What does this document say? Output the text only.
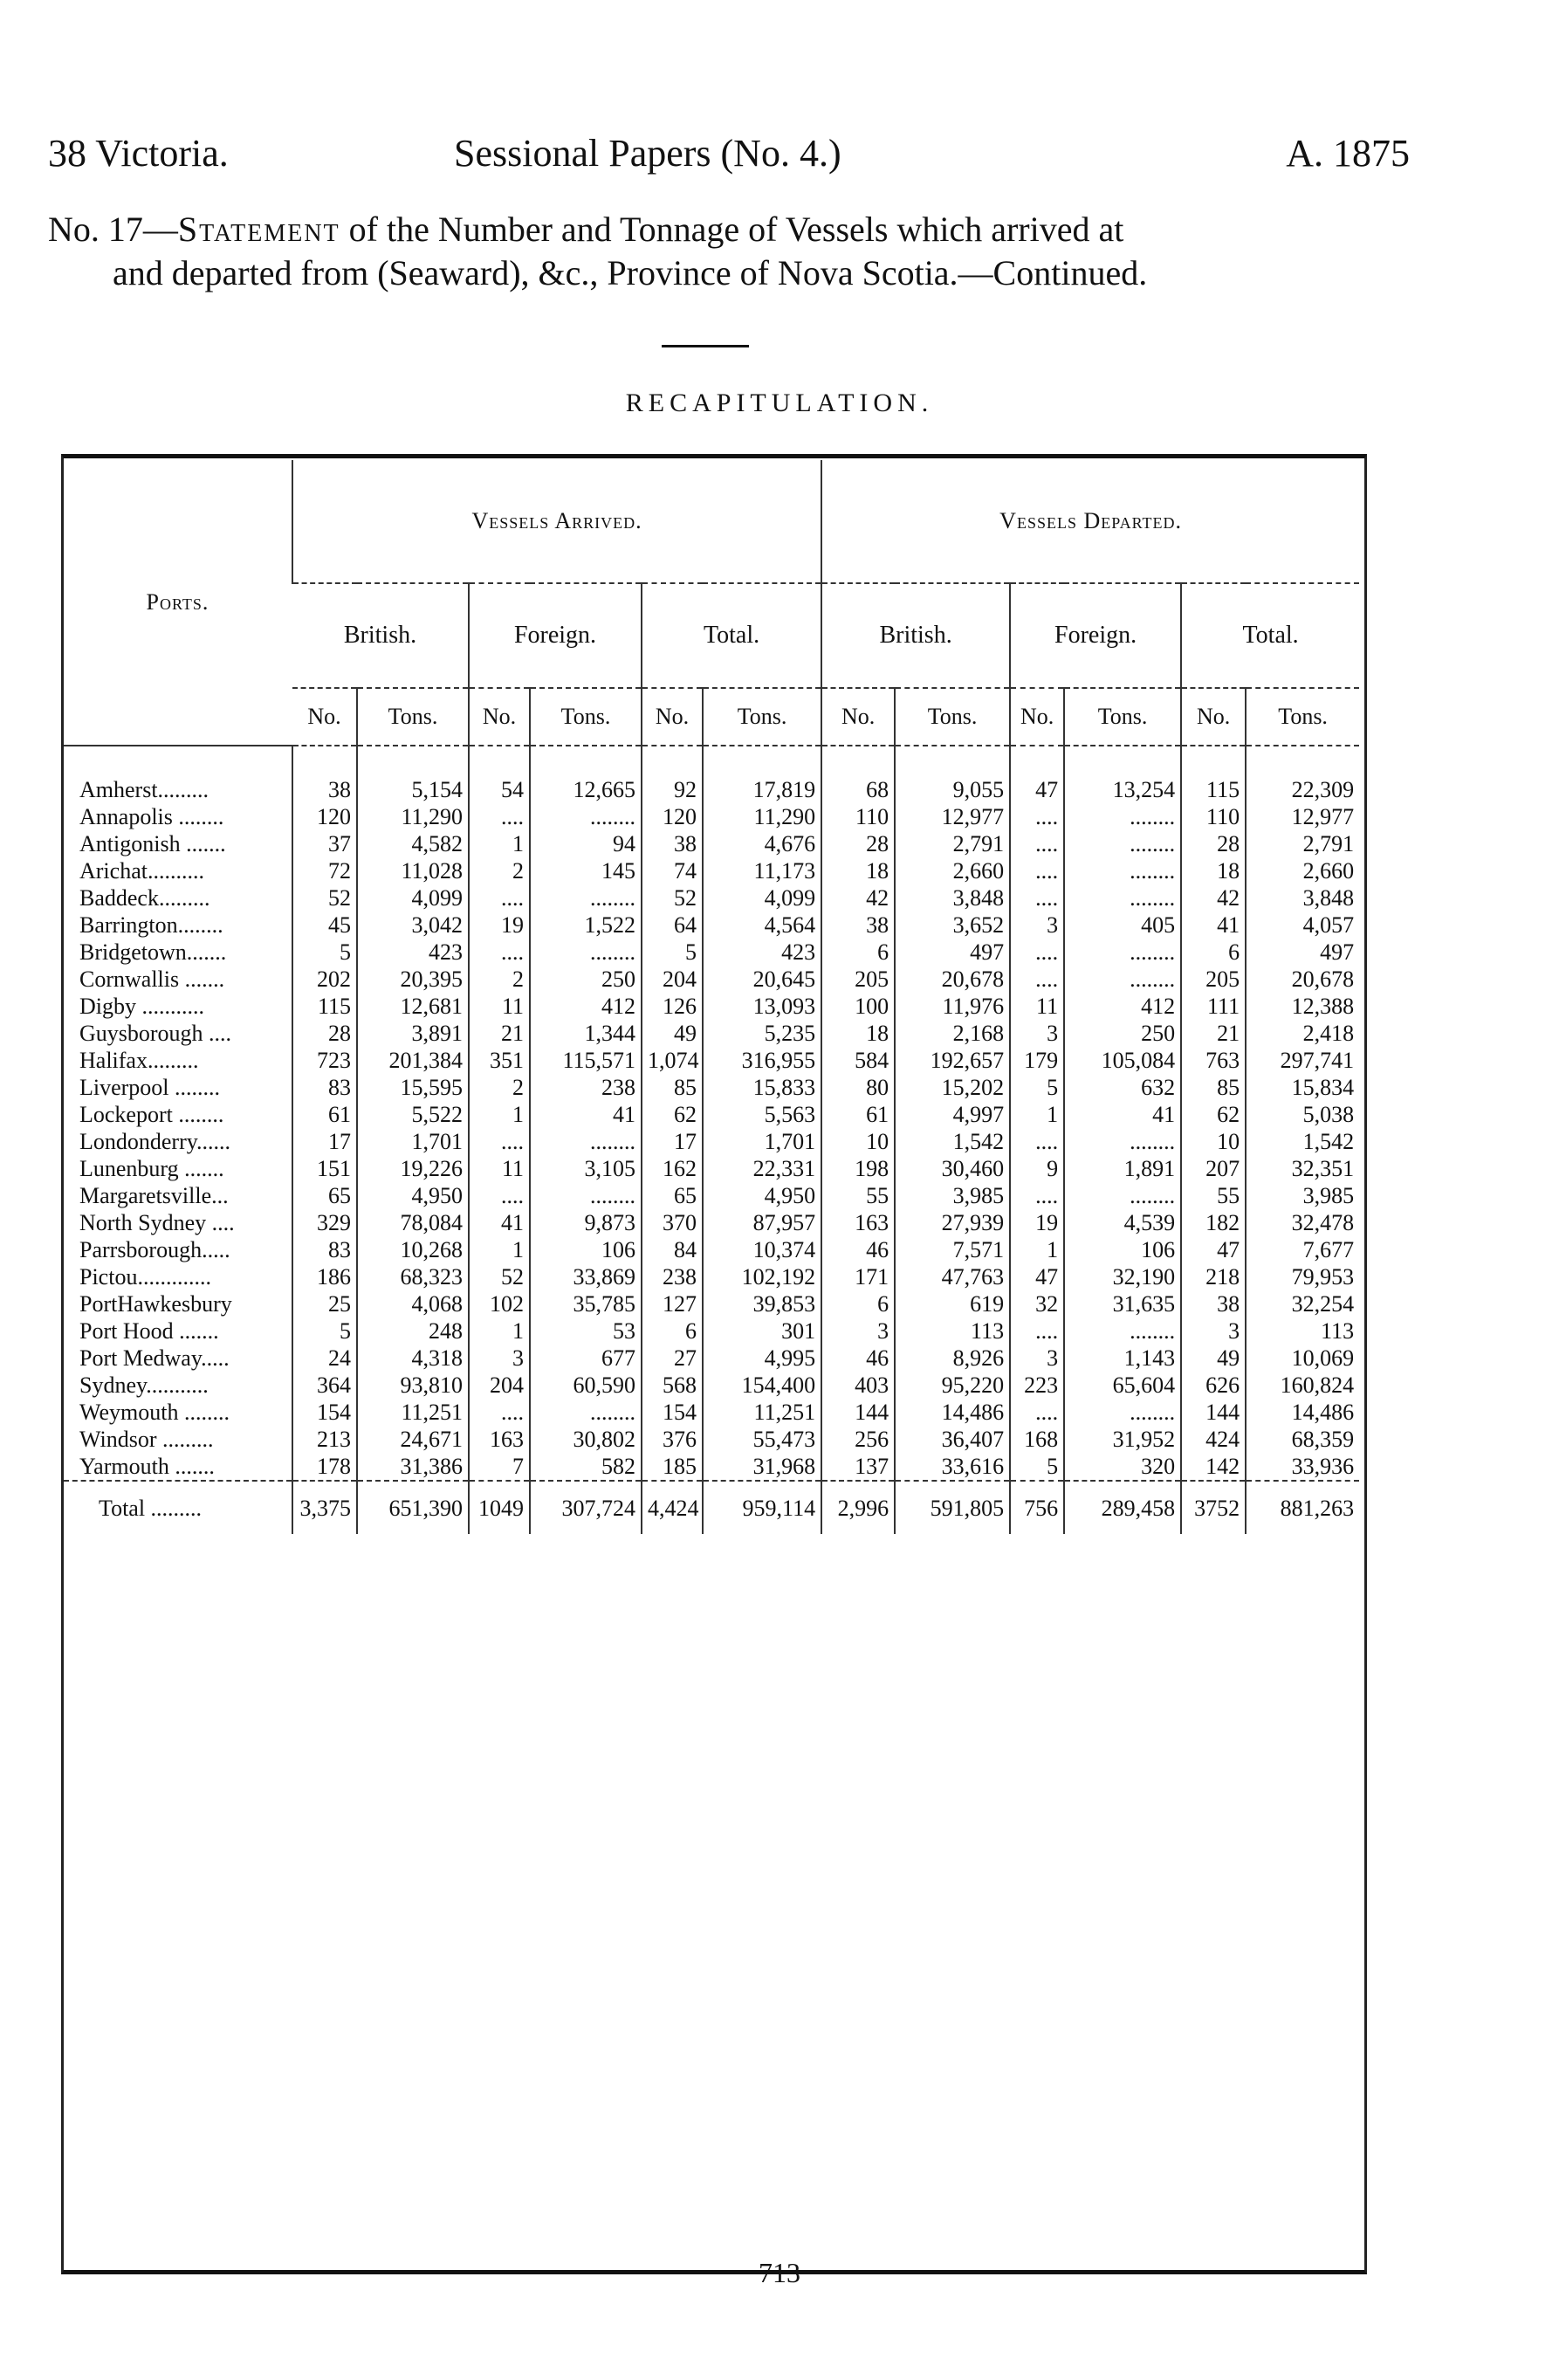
38 Victoria.	Sessional Papers (No. 4.)	A. 1875
No. 17—Statement of the Number and Tonnage of Vessels which arrived at
and departed from (Seaward), &c., Province of Nova Scotia.—Continued.
RECAPITULATION.
Ports.	Vessels Arrived.						Vessels Departed.					
	British.		Foreign.		Total.		British.		Foreign.		Total.	
	No.	Tons.	No.	Tons.	No.	Tons.	No.	Tons.	No.	Tons.	No.	Tons.
Amherst.........	38	5,154	54	12,665	92	17,819	68	9,055	47	13,254	115	22,309
Annapolis ........	120	11,290	....	........	120	11,290	110	12,977	....	........	110	12,977
Antigonish .......	37	4,582	1	94	38	4,676	28	2,791	....	........	28	2,791
Arichat..........	72	11,028	2	145	74	11,173	18	2,660	....	........	18	2,660
Baddeck.........	52	4,099	....	........	52	4,099	42	3,848	....	........	42	3,848
Barrington........	45	3,042	19	1,522	64	4,564	38	3,652	3	405	41	4,057
Bridgetown.......	5	423	....	........	5	423	6	497	....	........	6	497
Cornwallis .......	202	20,395	2	250	204	20,645	205	20,678	....	........	205	20,678
Digby ...........	115	12,681	11	412	126	13,093	100	11,976	11	412	111	12,388
Guysborough ....	28	3,891	21	1,344	49	5,235	18	2,168	3	250	21	2,418
Halifax.........	723	201,384	351	115,571	1,074	316,955	584	192,657	179	105,084	763	297,741
Liverpool ........	83	15,595	2	238	85	15,833	80	15,202	5	632	85	15,834
Lockeport ........	61	5,522	1	41	62	5,563	61	4,997	1	41	62	5,038
Londonderry......	17	1,701	....	........	17	1,701	10	1,542	....	........	10	1,542
Lunenburg .......	151	19,226	11	3,105	162	22,331	198	30,460	9	1,891	207	32,351
Margaretsville...	65	4,950	....	........	65	4,950	55	3,985	....	........	55	3,985
North Sydney ....	329	78,084	41	9,873	370	87,957	163	27,939	19	4,539	182	32,478
Parrsborough.....	83	10,268	1	106	84	10,374	46	7,571	1	106	47	7,677
Pictou.............	186	68,323	52	33,869	238	102,192	171	47,763	47	32,190	218	79,953
PortHawkesbury	25	4,068	102	35,785	127	39,853	6	619	32	31,635	38	32,254
Port Hood .......	5	248	1	53	6	301	3	113	....	........	3	113
Port Medway.....	24	4,318	3	677	27	4,995	46	8,926	3	1,143	49	10,069
Sydney...........	364	93,810	204	60,590	568	154,400	403	95,220	223	65,604	626	160,824
Weymouth ........	154	11,251	....	........	154	11,251	144	14,486	....	........	144	14,486
Windsor .........	213	24,671	163	30,802	376	55,473	256	36,407	168	31,952	424	68,359
Yarmouth .......	178	31,386	7	582	185	31,968	137	33,616	5	320	142	33,936
Total .........	3,375	651,390	1049	307,724	4,424	959,114	2,996	591,805	756	289,458	3752	881,263
713
